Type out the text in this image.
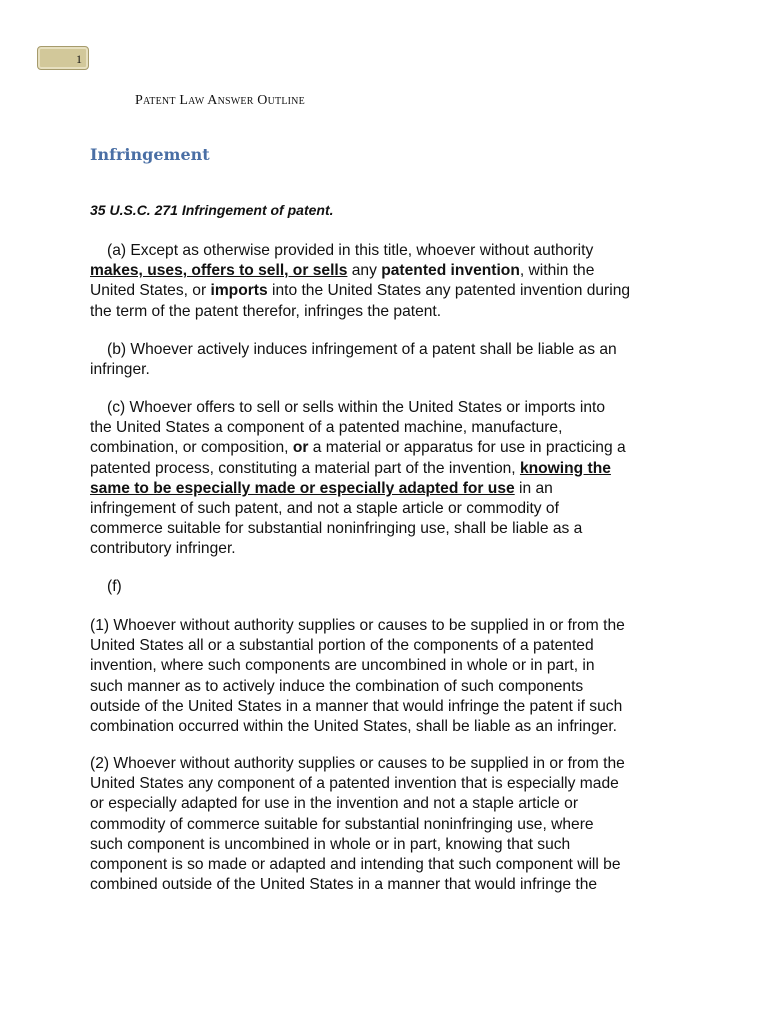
1
Patent Law Answer Outline
Infringement
35 U.S.C. 271 Infringement of patent.

(a) Except as otherwise provided in this title, whoever without authority
makes, uses, offers to sell, or sells any patented invention, within the
United States, or imports into the United States any patented invention during
the term of the patent therefor, infringes the patent.

(b) Whoever actively induces infringement of a patent shall be liable as an
infringer.

(c) Whoever offers to sell or sells within the United States or imports into
the United States a component of a patented machine, manufacture,
combination, or composition, or a material or apparatus for use in practicing a
patented process, constituting a material part of the invention, knowing the
same to be especially made or especially adapted for use in an
infringement of such patent, and not a staple article or commodity of
commerce suitable for substantial noninfringing use, shall be liable as a
contributory infringer.

(f)

(1) Whoever without authority supplies or causes to be supplied in or from the
United States all or a substantial portion of the components of a patented
invention, where such components are uncombined in whole or in part, in
such manner as to actively induce the combination of such components
outside of the United States in a manner that would infringe the patent if such
combination occurred within the United States, shall be liable as an infringer.

(2) Whoever without authority supplies or causes to be supplied in or from the
United States any component of a patented invention that is especially made
or especially adapted for use in the invention and not a staple article or
commodity of commerce suitable for substantial noninfringing use, where
such component is uncombined in whole or in part, knowing that such
component is so made or adapted and intending that such component will be
combined outside of the United States in a manner that would infringe the
